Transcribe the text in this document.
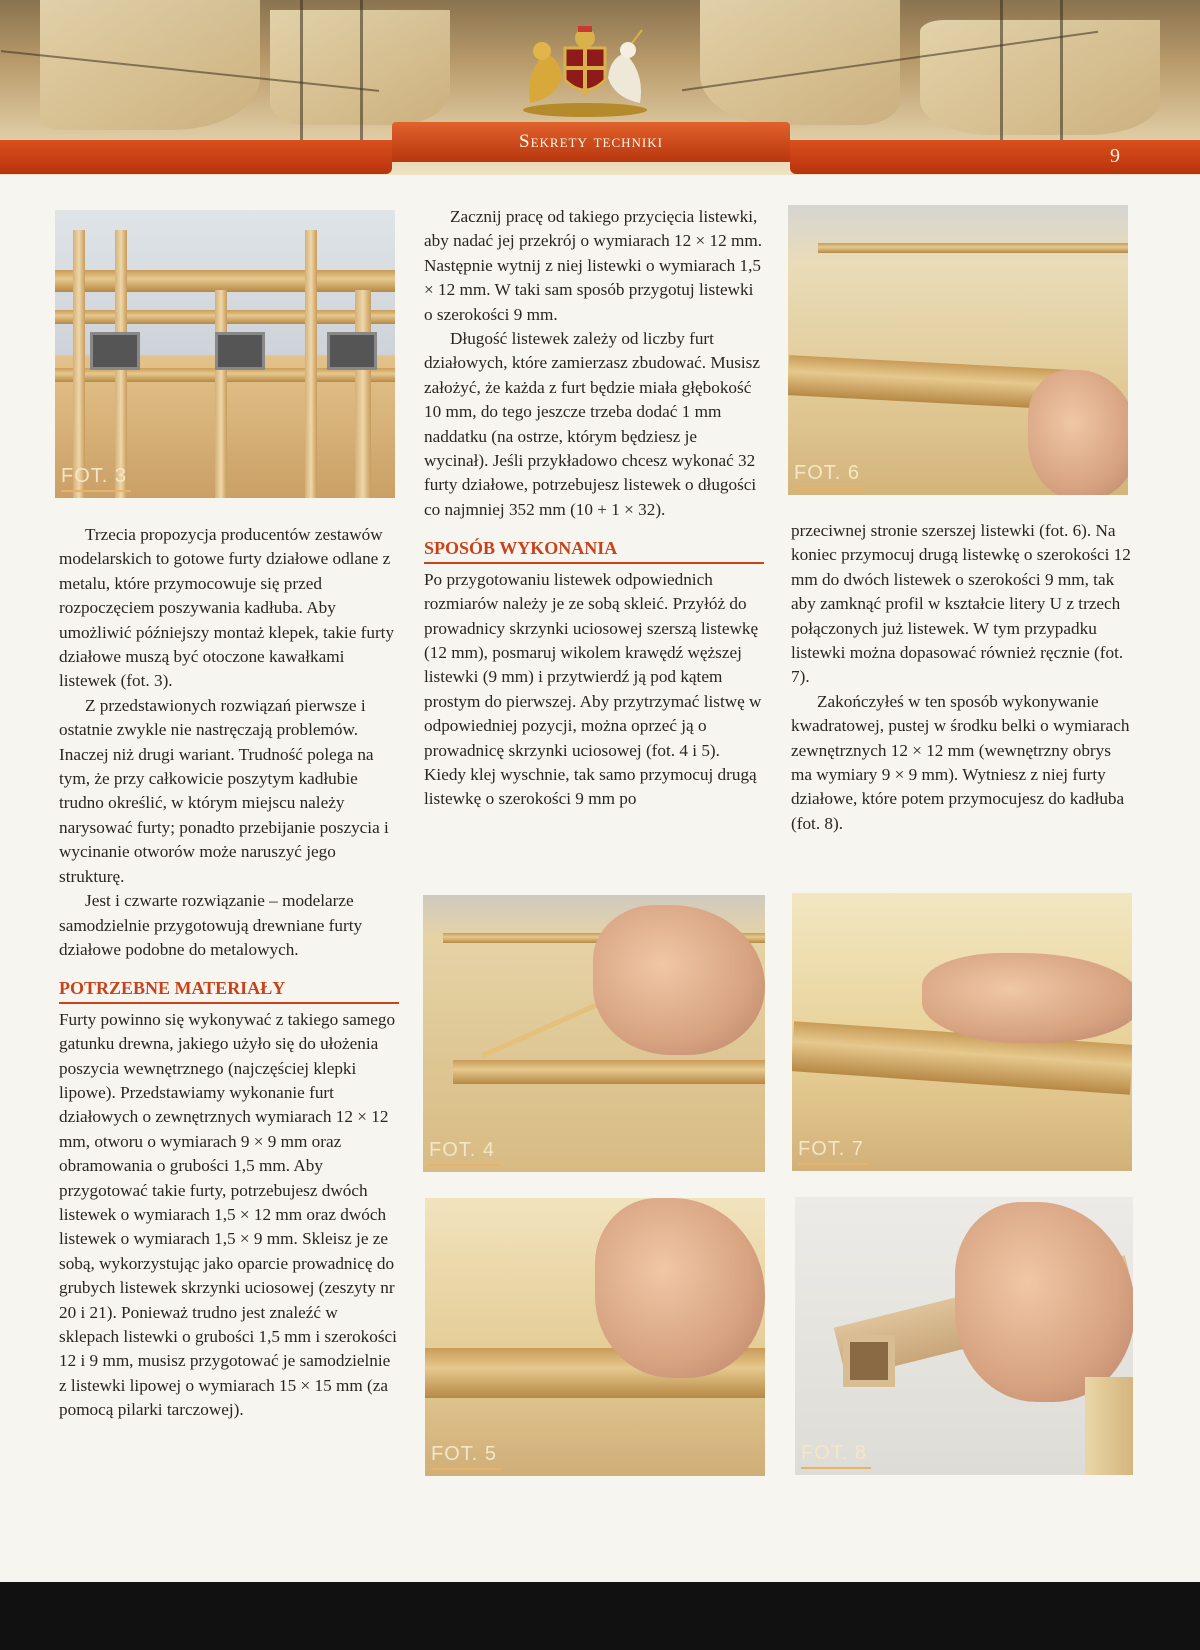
Sekrety techniki
9
FOT. 3	FOT. 6
FOT. 4	FOT. 7
FOT. 5	FOT. 8

Trzecia propozycja producentów zestawów modelarskich to gotowe furty działowe odlane z metalu, które przymocowuje się przed rozpoczęciem poszywania kadłuba. Aby umożliwić późniejszy montaż klepek, takie furty działowe muszą być otoczone kawałkami listewek (fot. 3).

Z przedstawionych rozwiązań pierwsze i ostatnie zwykle nie nastręczają problemów. Inaczej niż drugi wariant. Trudność polega na tym, że przy całkowicie poszytym kadłubie trudno określić, w którym miejscu należy narysować furty; ponadto przebijanie poszycia i wycinanie otworów może naruszyć jego strukturę.

Jest i czwarte rozwiązanie – modelarze samodzielnie przygotowują drewniane furty działowe podobne do metalowych.

POTRZEBNE MATERIAŁY

Furty powinno się wykonywać z takiego samego gatunku drewna, jakiego użyło się do ułożenia poszycia wewnętrznego (najczęściej klepki lipowe). Przedstawiamy wykonanie furt działowych o zewnętrznych wymiarach 12 × 12 mm, otworu o wymiarach 9 × 9 mm oraz obramowania o grubości 1,5 mm. Aby przygotować takie furty, potrzebujesz dwóch listewek o wymiarach 1,5 × 12 mm oraz dwóch listewek o wymiarach 1,5 × 9 mm. Skleisz je ze sobą, wykorzystując jako oparcie prowadnicę do grubych listewek skrzynki uciosowej (zeszyty nr 20 i 21). Ponieważ trudno jest znaleźć w sklepach listewki o grubości 1,5 mm i szerokości 12 i 9 mm, musisz przygotować je samodzielnie z listewki lipowej o wymiarach 15 × 15 mm (za pomocą pilarki tarczowej).

Zacznij pracę od takiego przycięcia listewki, aby nadać jej przekrój o wymiarach 12 × 12 mm. Następnie wytnij z niej listewki o wymiarach 1,5 × 12 mm. W taki sam sposób przygotuj listewki o szerokości 9 mm.

Długość listewek zależy od liczby furt działowych, które zamierzasz zbudować. Musisz założyć, że każda z furt będzie miała głębokość 10 mm, do tego jeszcze trzeba dodać 1 mm naddatku (na ostrze, którym będziesz je wycinał). Jeśli przykładowo chcesz wykonać 32 furty działowe, potrzebujesz listewek o długości co najmniej 352 mm (10 + 1 × 32).

SPOSÓB WYKONANIA

Po przygotowaniu listewek odpowiednich rozmiarów należy je ze sobą skleić. Przyłóż do prowadnicy skrzynki uciosowej szerszą listewkę (12 mm), posmaruj wikolem krawędź węższej listewki (9 mm) i przytwierdź ją pod kątem prostym do pierwszej. Aby przytrzymać listwę w odpowiedniej pozycji, można oprzeć ją o prowadnicę skrzynki uciosowej (fot. 4 i 5). Kiedy klej wyschnie, tak samo przymocuj drugą listewkę o szerokości 9 mm po

przeciwnej stronie szerszej listewki (fot. 6). Na koniec przymocuj drugą listewkę o szerokości 12 mm do dwóch listewek o szerokości 9 mm, tak aby zamknąć profil w kształcie litery U z trzech połączonych już listewek. W tym przypadku listewki można dopasować również ręcznie (fot. 7).

Zakończyłeś w ten sposób wykonywanie kwadratowej, pustej w środku belki o wymiarach zewnętrznych 12 × 12 mm (wewnętrzny obrys ma wymiary 9 × 9 mm). Wytniesz z niej furty działowe, które potem przymocujesz do kadłuba (fot. 8).
